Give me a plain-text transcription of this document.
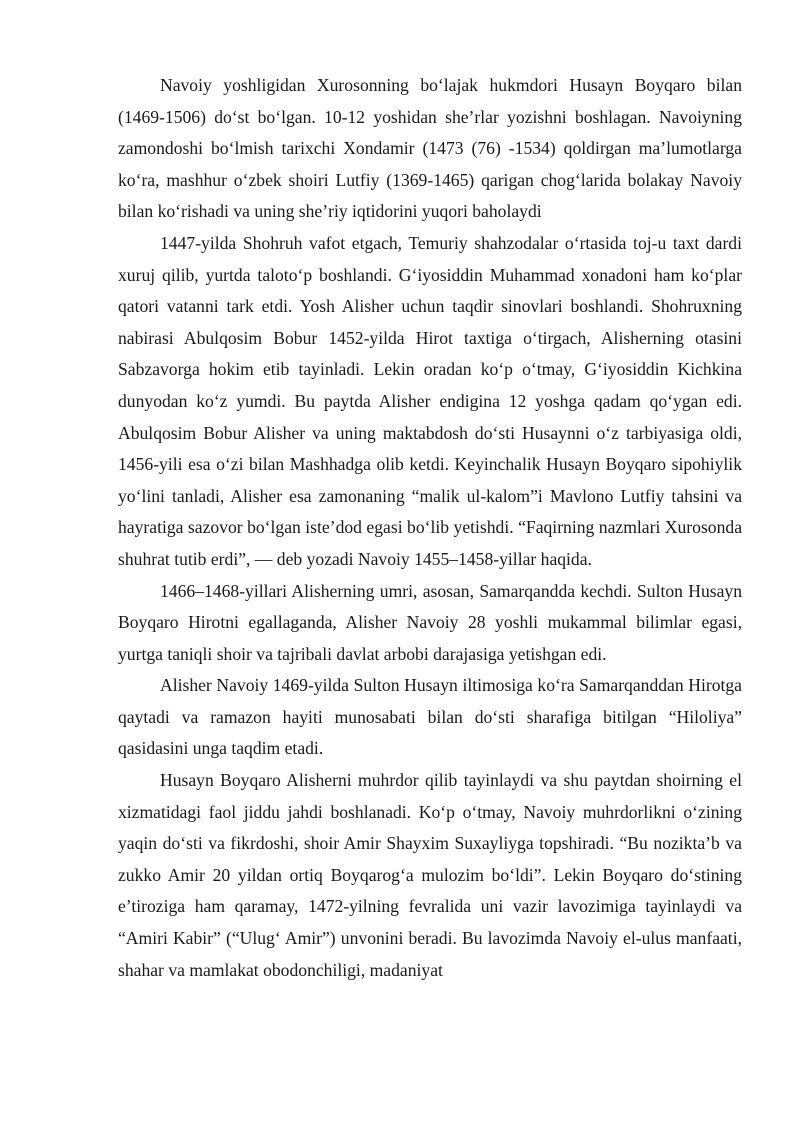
Navoiy yoshligidan Xurosonning bo‘lajak hukmdori Husayn Boyqaro bilan (1469-1506) do‘st bo‘lgan. 10-12 yoshidan she’rlar yozishni boshlagan. Navoiyning zamondoshi bo‘lmish tarixchi Xondamir (1473 (76) -1534) qoldirgan ma’lumotlarga ko‘ra, mashhur o‘zbek shoiri Lutfiy (1369-1465) qarigan chog‘larida bolakay Navoiy bilan ko‘rishadi va uning she’riy iqtidorini yuqori baholaydi

1447-yilda Shohruh vafot etgach, Temuriy shahzodalar o‘rtasida toj-u taxt dardi xuruj qilib, yurtda taloto‘p boshlandi. G‘iyosiddin Muhammad xonadoni ham ko‘plar qatori vatanni tark etdi. Yosh Alisher uchun taqdir sinovlari boshlandi. Shohruxning nabirasi Abulqosim Bobur 1452-yilda Hirot taxtiga o‘tirgach, Alisherning otasini Sabzavorga hokim etib tayinladi. Lekin oradan ko‘p o‘tmay, G‘iyosiddin Kichkina dunyodan ko‘z yumdi. Bu paytda Alisher endigina 12 yoshga qadam qo‘ygan edi. Abulqosim Bobur Alisher va uning maktabdosh do‘sti Husaynni o‘z tarbiyasiga oldi, 1456-yili esa o‘zi bilan Mashhadga olib ketdi. Keyinchalik Husayn Boyqaro sipohiylik yo‘lini tanladi, Alisher esa zamonaning “malik ul-kalom”i Mavlono Lutfiy tahsini va hayratiga sazovor bo‘lgan iste’dod egasi bo‘lib yetishdi. “Faqirning nazmlari Xurosonda shuhrat tutib erdi”, — deb yozadi Navoiy 1455–1458-yillar haqida.

1466–1468-yillari Alisherning umri, asosan, Samarqandda kechdi. Sulton Husayn Boyqaro Hirotni egallaganda, Alisher Navoiy 28 yoshli mukammal bilimlar egasi, yurtga taniqli shoir va tajribali davlat arbobi darajasiga yetishgan edi.

Alisher Navoiy 1469-yilda Sulton Husayn iltimosiga ko‘ra Samarqanddan Hirotga qaytadi va ramazon hayiti munosabati bilan do‘sti sharafiga bitilgan “Hiloliya” qasidasini unga taqdim etadi.

Husayn Boyqaro Alisherni muhrdor qilib tayinlaydi va shu paytdan shoirning el xizmatidagi faol jiddu jahdi boshlanadi. Ko‘p o‘tmay, Navoiy muhrdorlikni o‘zining yaqin do‘sti va fikrdoshi, shoir Amir Shayxim Suxayliyga topshiradi. “Bu nozikta’b va zukko Amir 20 yildan ortiq Boyqarog‘a mulozim bo‘ldi”. Lekin Boyqaro do‘stining e’tiroziga ham qaramay, 1472-yilning fevralida uni vazir lavozimiga tayinlaydi va “Amiri Kabir” (“Ulug‘ Amir”) unvonini beradi. Bu lavozimda Navoiy el-ulus manfaati, shahar va mamlakat obodonchiligi, madaniyat
